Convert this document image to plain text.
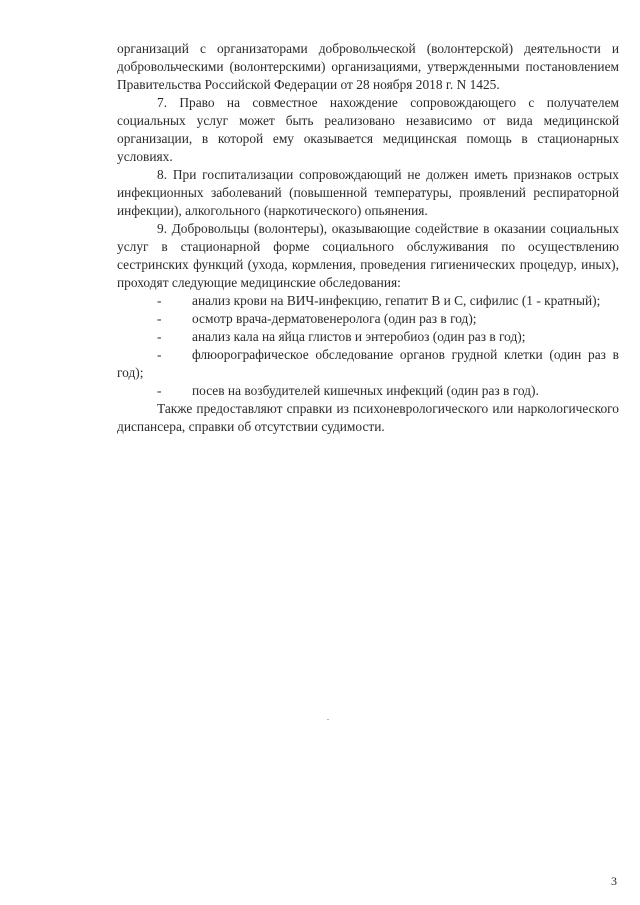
организаций с организаторами добровольческой (волонтерской) деятельности и добровольческими (волонтерскими) организациями, утвержденными постановлением Правительства Российской Федерации от 28 ноября 2018 г. N 1425.

7. Право на совместное нахождение сопровождающего с получателем социальных услуг может быть реализовано независимо от вида медицинской организации, в которой ему оказывается медицинская помощь в стационарных условиях.

8. При госпитализации сопровождающий не должен иметь признаков острых инфекционных заболеваний (повышенной температуры, проявлений респираторной инфекции), алкогольного (наркотического) опьянения.

9. Добровольцы (волонтеры), оказывающие содействие в оказании социальных услуг в стационарной форме социального обслуживания по осуществлению сестринских функций (ухода, кормления, проведения гигиенических процедур, иных), проходят следующие медицинские обследования:

- анализ крови на ВИЧ-инфекцию, гепатит В и С, сифилис (1 - кратный);

- осмотр врача-дерматовенеролога (один раз в год);

- анализ кала на яйца глистов и энтеробиоз (один раз в год);

- флюорографическое обследование органов грудной клетки (один раз в год);

- посев на возбудителей кишечных инфекций (один раз в год).

Также предоставляют справки из психоневрологического или наркологического диспансера, справки об отсутствии судимости.

3
